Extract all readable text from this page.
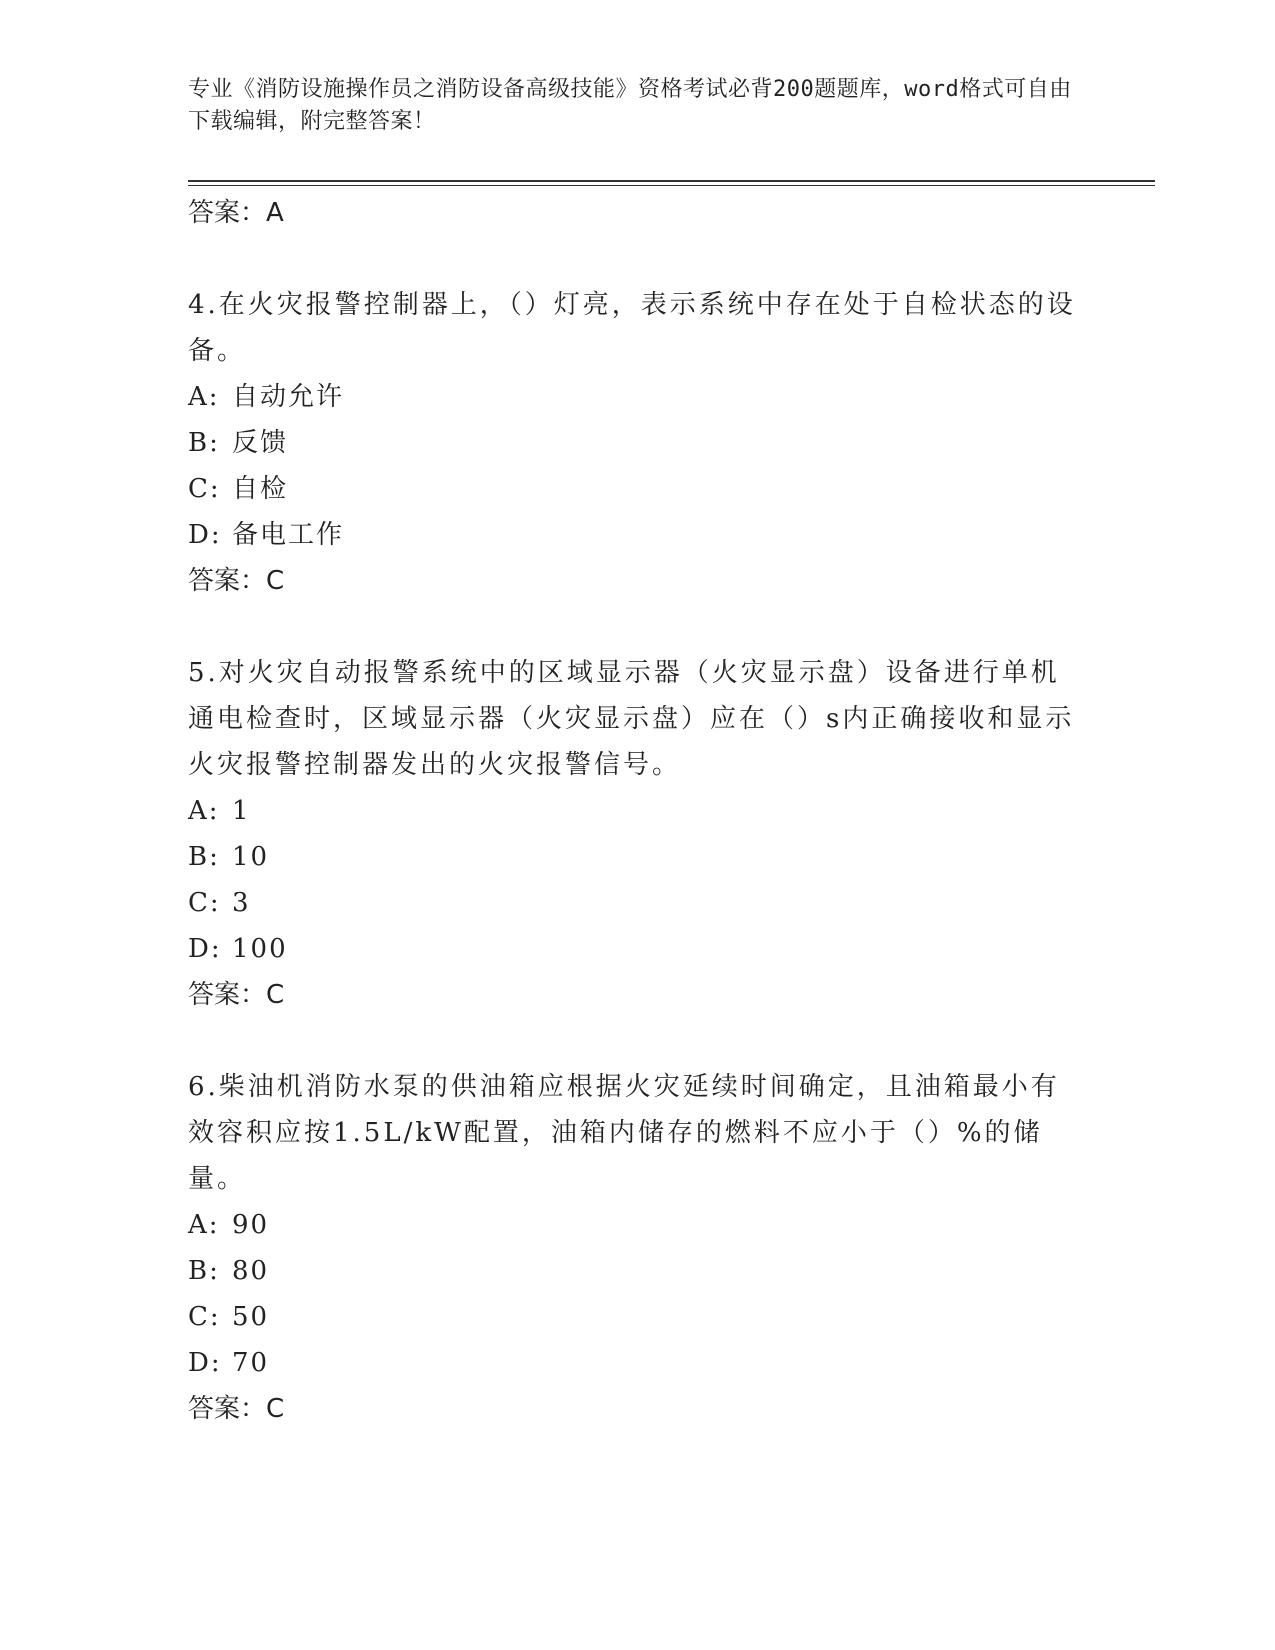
专业《消防设施操作员之消防设备高级技能》资格考试必背200题题库，word格式可自由下载编辑，附完整答案！

答案：A

4.在火灾报警控制器上，（）灯亮，表示系统中存在处于自检状态的设备。

A: 自动允许

B: 反馈

C: 自检

D: 备电工作

答案：C

5.对火灾自动报警系统中的区域显示器（火灾显示盘）设备进行单机通电检查时，区域显示器（火灾显示盘）应在（）s内正确接收和显示火灾报警控制器发出的火灾报警信号。

A: 1

B: 10

C: 3

D: 100

答案：C

6.柴油机消防水泵的供油箱应根据火灾延续时间确定，且油箱最小有效容积应按1.5L/kW配置，油箱内储存的燃料不应小于（）%的储量。

A: 90

B: 80

C: 50

D: 70

答案：C
